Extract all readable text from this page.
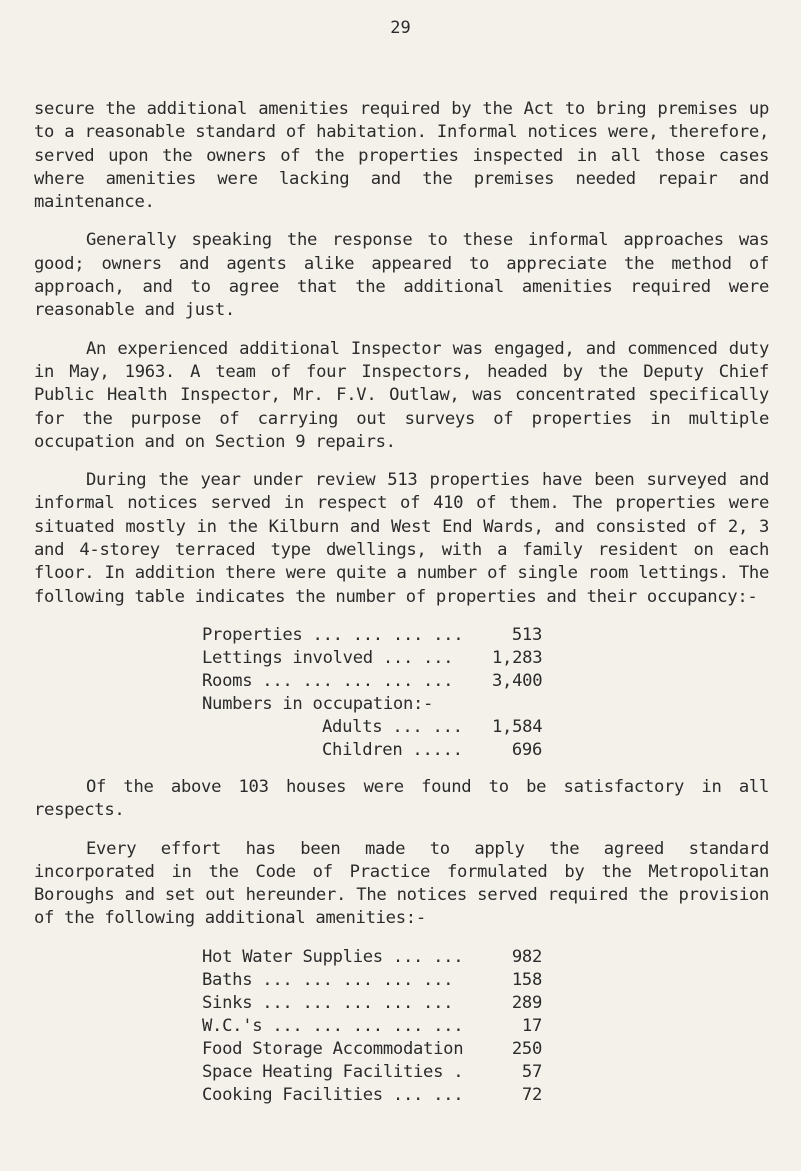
29

secure the additional amenities required by the Act to bring premises up to a reasonable standard of habitation. Informal notices were, therefore, served upon the owners of the properties inspected in all those cases where amenities were lacking and the premises needed repair and maintenance.

Generally speaking the response to these informal approaches was good; owners and agents alike appeared to appreciate the method of approach, and to agree that the additional amenities required were reasonable and just.

An experienced additional Inspector was engaged, and commenced duty in May, 1963. A team of four Inspectors, headed by the Deputy Chief Public Health Inspector, Mr. F.V. Outlaw, was concentrated specifically for the purpose of carrying out surveys of properties in multiple occupation and on Section 9 repairs.

During the year under review 513 properties have been surveyed and informal notices served in respect of 410 of them. The properties were situated mostly in the Kilburn and West End Wards, and consisted of 2, 3 and 4-storey terraced type dwellings, with a family resident on each floor. In addition there were quite a number of single room lettings. The following table indicates the number of properties and their occupancy:-

Properties ... ... ... ...	513
Lettings involved ... ...	1,283
Rooms ... ... ... ... ...	3,400
Numbers in occupation:-
Adults ... ...	1,584
Children .....	696

Of the above 103 houses were found to be satisfactory in all respects.

Every effort has been made to apply the agreed standard incorporated in the Code of Practice formulated by the Metropolitan Boroughs and set out hereunder. The notices served required the provision of the following additional amenities:-

Hot Water Supplies ... ...	982
Baths ... ... ... ... ...	158
Sinks ... ... ... ... ...	289
W.C.'s ... ... ... ... ...	17
Food Storage Accommodation	250
Space Heating Facilities .	57
Cooking Facilities ... ...	72
